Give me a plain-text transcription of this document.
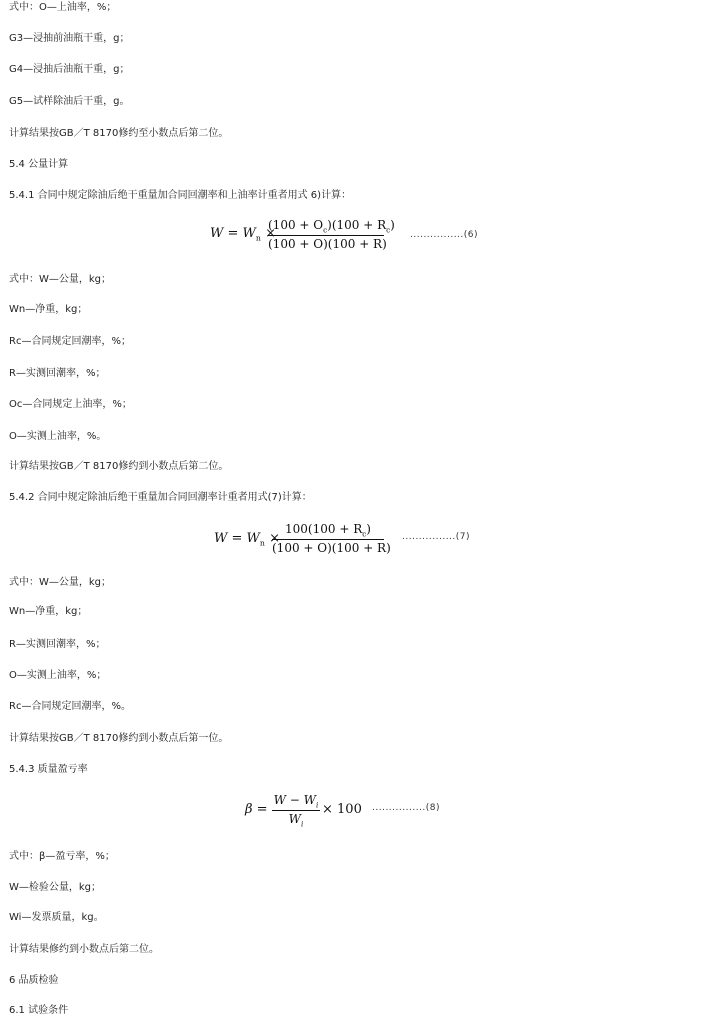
式中：O—上油率，%；
G3—浸抽前油瓶干重，g；
G4—浸抽后油瓶干重，g；
G5—试样除油后干重，g。
计算结果按GB／T 8170修约至小数点后第二位。
5.4 公量计算
5.4.1 合同中规定除油后绝干重量加合同回潮率和上油率计重者用式 6)计算：
$W = W_n$ ×
$(100 + O_c)(100 + R_c)$
(100 + O)(100 + R)
................(6)
式中：W—公量，kg；
Wn—净重，kg；
Rc—合同规定回潮率，%；
R—实测回潮率，%；
Oc—合同规定上油率，%；
O—实测上油率，%。
计算结果按GB／T 8170修约到小数点后第二位。
5.4.2 合同中规定除油后绝干重量加合同回潮率计重者用式(7)计算：
$W = W_n$ ×
$100(100 + R_c)$
(100 + O)(100 + R)
................(7)
式中：W—公量，kg；
Wn—净重，kg；
R—实测回潮率，%；
O—实测上油率，%；
Rc—合同规定回潮率，%。
计算结果按GB／T 8170修约到小数点后第一位。
5.4.3 质量盈亏率
β =
$W - W_i$
$W_i$
× 100 ................(8)
式中：β—盈亏率，%；
W—检验公量，kg；
Wi—发票质量，kg。
计算结果修约到小数点后第二位。
6 品质检验
6.1 试验条件
